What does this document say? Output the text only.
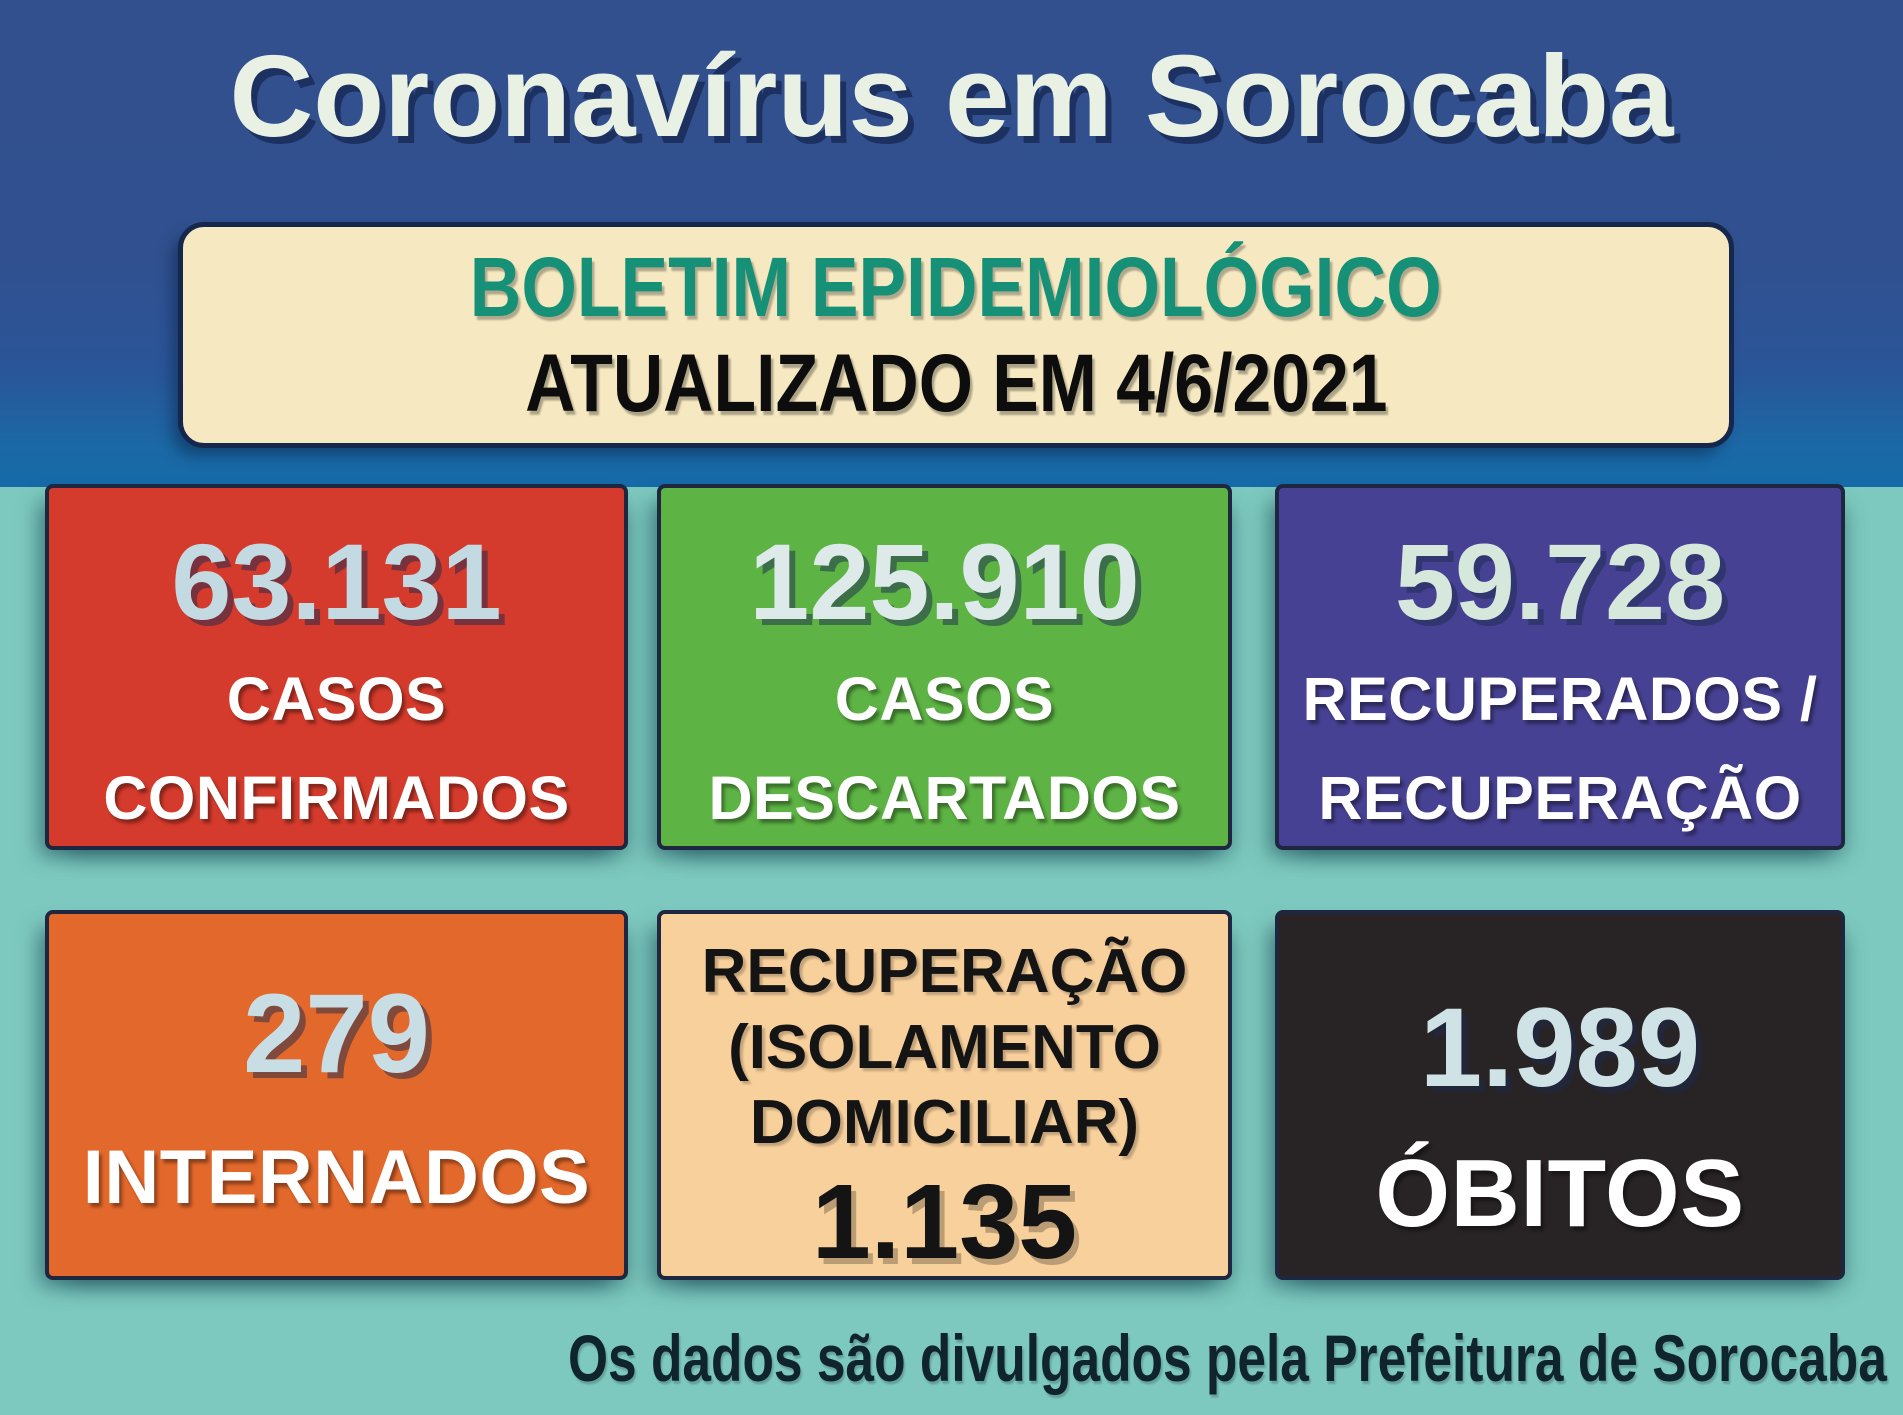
Coronavírus em Sorocaba
BOLETIM EPIDEMIOLÓGICO
ATUALIZADO EM 4/6/2021
63.131
CASOS
CONFIRMADOS
125.910
CASOS
DESCARTADOS
59.728
RECUPERADOS /
RECUPERAÇÃO
279
INTERNADOS
RECUPERAÇÃO
(ISOLAMENTO
DOMICILIAR)
1.135
1.989
ÓBITOS

Os dados são divulgados pela Prefeitura de Sorocaba
